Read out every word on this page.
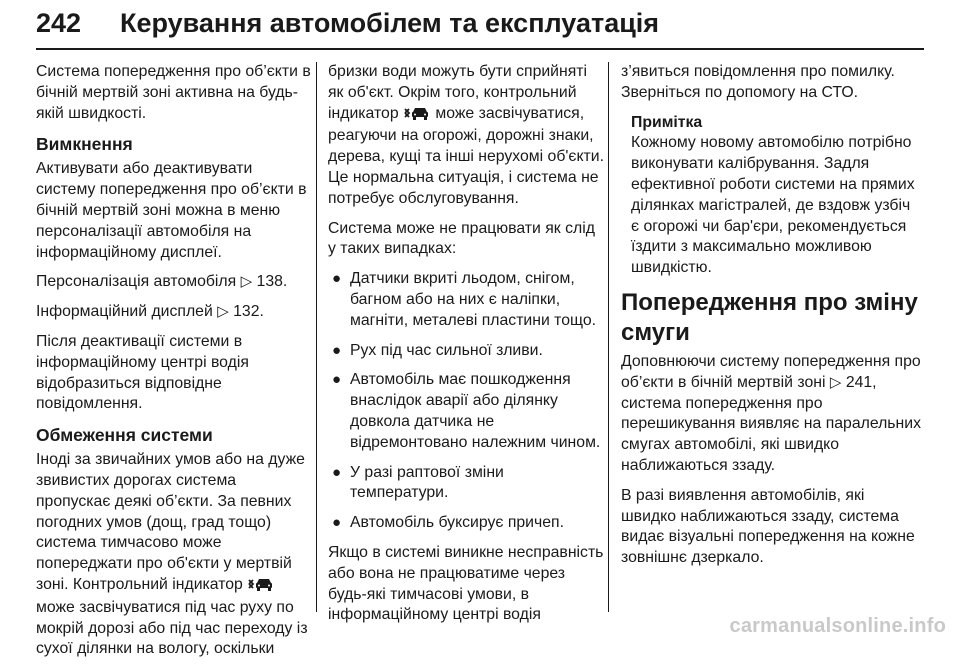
242 Керування автомобілем та експлуатація

Система попередження про об’єкти в бічній мертвій зоні активна на будь-якій швидкості.

Вимкнення

Активувати або деактивувати систему попередження про об’єкти в бічній мертвій зоні можна в меню персоналізації автомобіля на інформаційному дисплеї.

Персоналізація автомобіля ▷ 138.

Інформаційний дисплей ▷ 132.

Після деактивації системи в інформаційному центрі водія відобразиться відповідне повідомлення.

Обмеження системи

Іноді за звичайних умов або на дуже звивистих дорогах система пропускає деякі об’єкти. За певних погодних умов (дощ, град тощо) система тимчасово може попереджати про об'єкти у мертвій зоні. Контрольний індикатор  може засвічуватися під час руху по мокрій дорозі або під час переходу із сухої ділянки на вологу, оскільки

бризки води можуть бути сприйняті як об'єкт. Окрім того, контрольний індикатор може засвічуватися, реагуючи на огорожі, дорожні знаки, дерева, кущі та інші нерухомі об'єкти. Це нормальна ситуація, і система не потребує обслуговування.

Система може не працювати як слід у таких випадках:

● Датчики вкриті льодом, снігом, багном або на них є наліпки, магніти, металеві пластини тощо.
● Рух під час сильної зливи.
● Автомобіль має пошкодження внаслідок аварії або ділянку довкола датчика не відремонтовано належним чином.
● У разі раптової зміни температури.
● Автомобіль буксирує причеп.

Якщо в системі виникне несправність або вона не працюватиме через будь-які тимчасові умови, в інформаційному центрі водія

з’явиться повідомлення про помилку. Зверніться по допомогу на СТО.

Примітка
Кожному новому автомобілю потрібно виконувати калібрування. Задля ефективної роботи системи на прямих ділянках магістралей, де вздовж узбіч є огорожі чи бар'єри, рекомендується їздити з максимально можливою швидкістю.
Попередження про зміну смуги

Доповнюючи систему попередження про об’єкти в бічній мертвій зоні ▷ 241, система попередження про перешикування виявляє на паралельних смугах автомобілі, які швидко наближаються ззаду.

В разі виявлення автомобілів, які швидко наближаються ззаду, система видає візуальні попередження на кожне зовнішнє дзеркало.

carmanualsonline.info
